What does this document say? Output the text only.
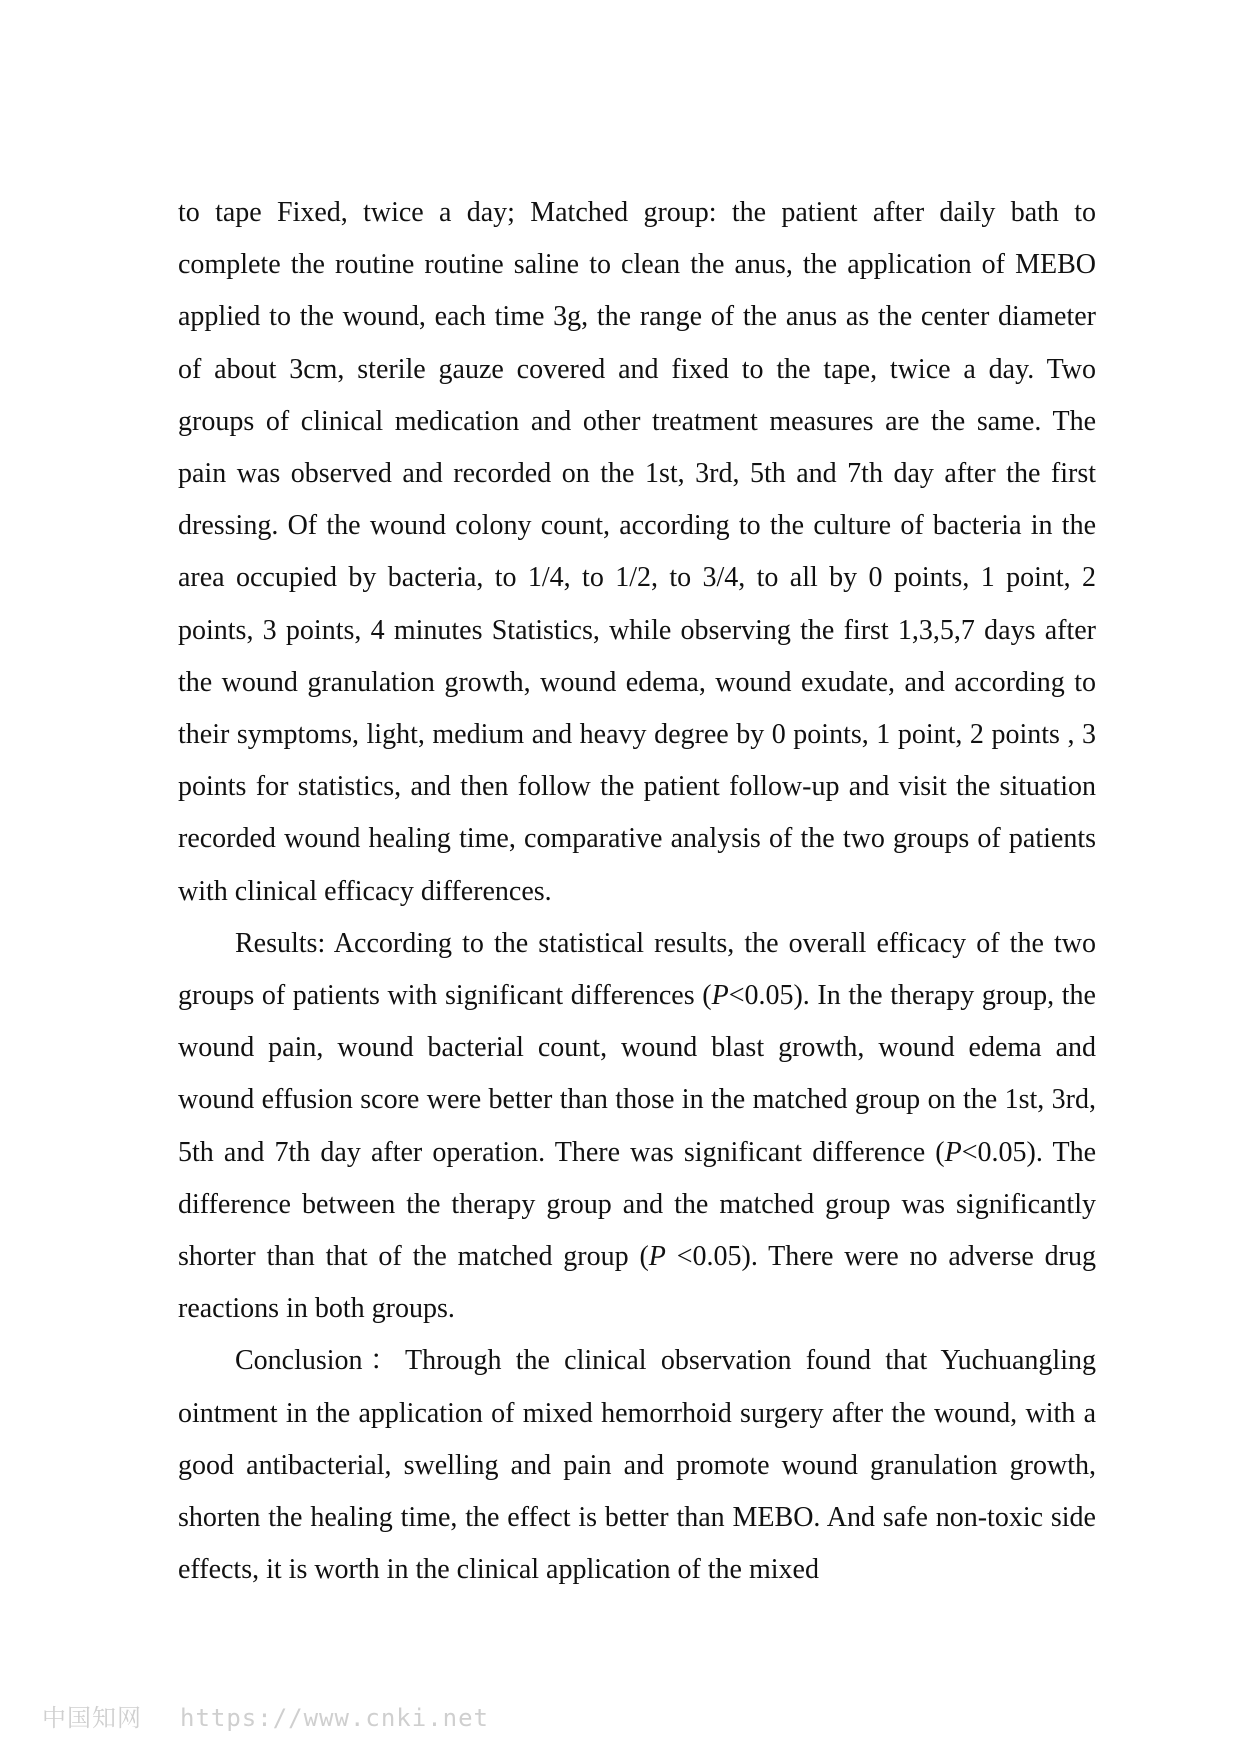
to tape Fixed, twice a day; Matched group: the patient after daily bath to complete the routine routine saline to clean the anus, the application of MEBO applied to the wound, each time 3g, the range of the anus as the center diameter of about 3cm, sterile gauze covered and fixed to the tape, twice a day. Two groups of clinical medication and other treatment measures are the same. The pain was observed and recorded on the 1st, 3rd, 5th and 7th day after the first dressing. Of the wound colony count, according to the culture of bacteria in the area occupied by bacteria, to 1/4, to 1/2, to 3/4, to all by 0 points, 1 point, 2 points, 3 points, 4 minutes Statistics, while observing the first 1,3,5,7 days after the wound granulation growth, wound edema, wound exudate, and according to their symptoms, light, medium and heavy degree by 0 points, 1 point, 2 points , 3 points for statistics, and then follow the patient follow-up and visit the situation recorded wound healing time, comparative analysis of the two groups of patients with clinical efficacy differences.

Results: According to the statistical results, the overall efficacy of the two groups of patients with significant differences (P<0.05). In the therapy group, the wound pain, wound bacterial count, wound blast growth, wound edema and wound effusion score were better than those in the matched group on the 1st, 3rd, 5th and 7th day after operation. There was significant difference (P<0.05). The difference between the therapy group and the matched group was significantly shorter than that of the matched group (P <0.05). There were no adverse drug reactions in both groups.

Conclusion：Through the clinical observation found that Yuchuangling ointment in the application of mixed hemorrhoid surgery after the wound, with a good antibacterial, swelling and pain and promote wound granulation growth, shorten the healing time, the effect is better than MEBO. And safe non-toxic side effects, it is worth in the clinical application of the mixed

中国知网 https://www.cnki.net
